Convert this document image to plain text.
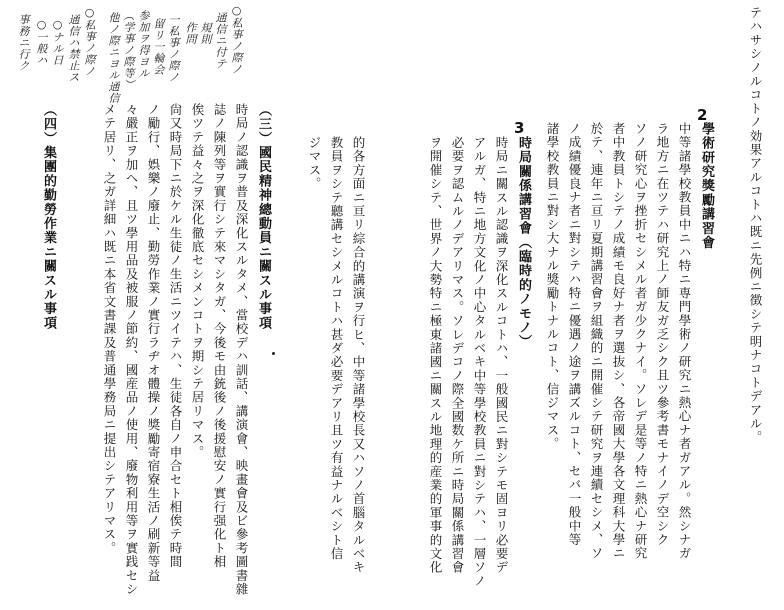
○私事ノ際ノ
通信ニ付テ
規則
作問
一私事ノ際ノ
留リ一輪会
参加ヲ得ヨル
（学事ノ際等）
他ノ際ニヨル通信
○私事ノ際ノ
通信ハ禁止ス
○ナル日
○一般ハ
事務ニ行ク
（三）國民精神總動員ニ關スル事項
時局ノ認識ヲ普及深化スルタメ、當校デハ訓話、講演會、映畫會及ビ參考圖書雜
誌ノ陳列等ヲ實行シテ來マシタガ、今後モ由銃後ノ後援慰安ノ實行强化ト相
俟ツテ益々之ヲ深化徹底セシメンコトヲ期シテ居リマス。
尙又時局下ニ於ケル生徒ノ生活ニツイテハ、生徒各自ノ申合セト相俟テ時間
ノ勵行、娯樂ノ廢止、勤勞作業ノ實行ラヂオ體操ノ獎勵寄宿寮生活ノ刷新等益
々嚴正ヲ加ヘ、且ツ學用品及被服ノ節約、國産品ノ使用、廢物利用等ヲ實践セシ
メテ居リ、之ガ詳細ハ既ニ本省文書課及普通學務局ニ提出シテアリマス。
（四）集團的勤勞作業ニ關スル事項	2
3	テハサシノルコトノ効果アルコトハ既ニ先例ニ徴シテ明ナコトデアル。
學術研究獎勵講習會
中等諸學校教員中ニハ特ニ専門學術ノ研究ニ熱心ナ者ガアル。然シナガ
ラ地方ニ在ツテハ研究上ノ師友ガ乏シク且ツ參考書モナイノデ空シク
ソノ研究心ヲ挫折セシメル者ガ少クナイ。ソレデ是等ノ特ニ熱心ナ研究
者中教員トシテノ成績モ良好ナ者ヲ選抜シ、各帝國大學各文理科大學ニ
於テ、連年ニ亘リ夏期講習會ヲ組織的ニ開催シテ研究ヲ連續セシメ、ソ
ノ成績優良ナ者ニ對シテハ特ニ優遇ノ途ヲ講ズルコト、セバ一般中等
諸學校教員ニ對シ大ナル獎勵トナルコト、信ジマス。
時局關係講習會（臨時的ノモノ）
時局ニ關スル認識ヲ深化スルコトハ、一般國民ニ對シテモ固ヨリ必要デ
アルガ、特ニ地方文化ノ中心タルベキ中等學校教員ニ對シテハ、一層ソノ
必要ヲ認ムルノデアリマス。ソレデコノ際全國数ケ所ニ時局關係講習會
ヲ開催シテ、世界ノ大勢特ニ極東諸國ニ關スル地理的産業的軍事的文化
的各方面ニ亘リ綜合的講演ヲ行ヒ、中等諸學校長又ハソノ首腦タルベキ
教員ヲシテ聽講セシメルコトハ甚ダ必要デアリ且ツ有益ナルベシト信
ジマス。
